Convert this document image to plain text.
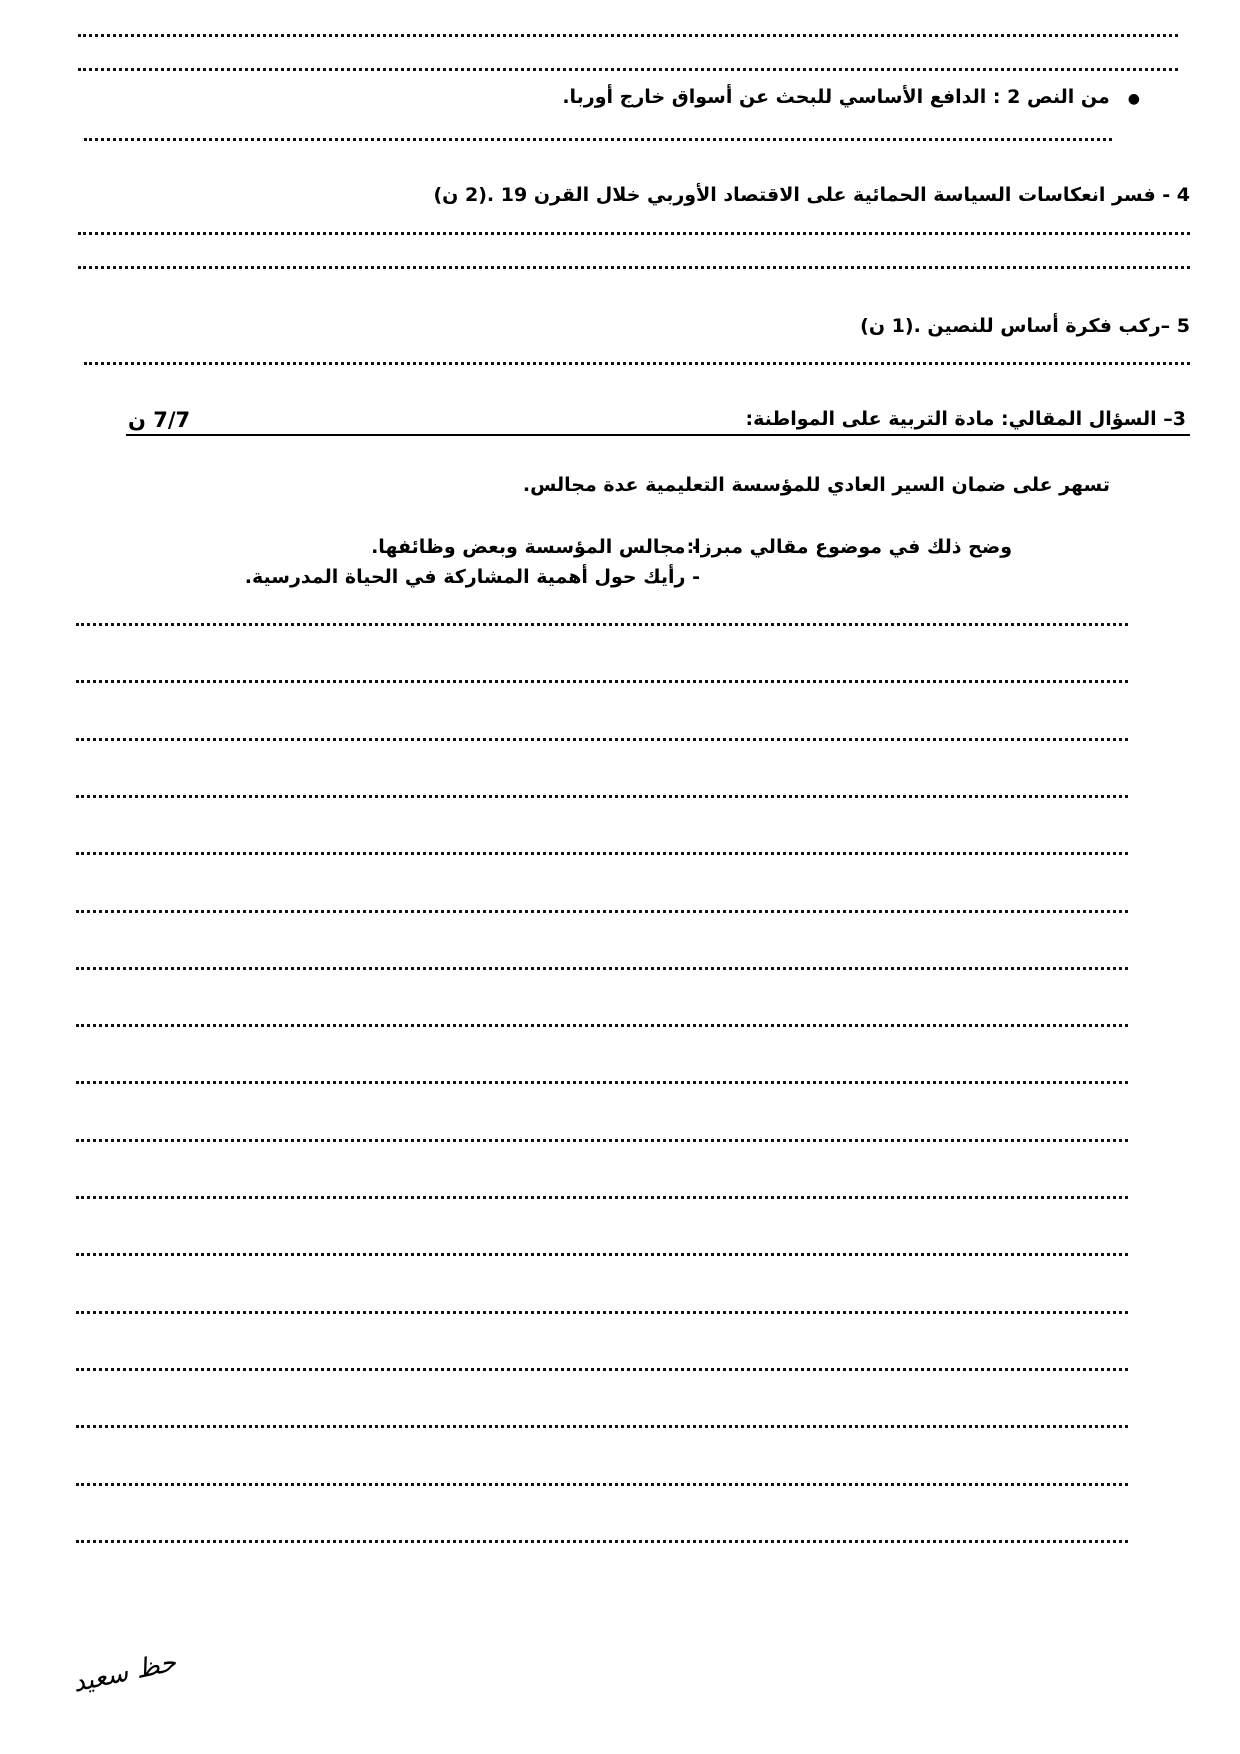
●من النص 2 : الدافع الأساسي للبحث عن أسواق خارج أوربا.
4 - فسر انعكاسات السياسة الحمائية على الاقتصاد الأوربي خلال القرن 19 .(2 ن)
5 –ركب فكرة أساس للنصين .(1 ن)
3– السؤال المقالي: مادة التربية على المواطنة:
7/7 ن
تسهر على ضمان السير العادي للمؤسسة التعليمية عدة مجالس.
وضح ذلك في موضوع مقالي مبرزا:
- مجالس المؤسسة وبعض وظائفها.
- رأيك حول أهمية المشاركة في الحياة المدرسية.
حظ سعيد
